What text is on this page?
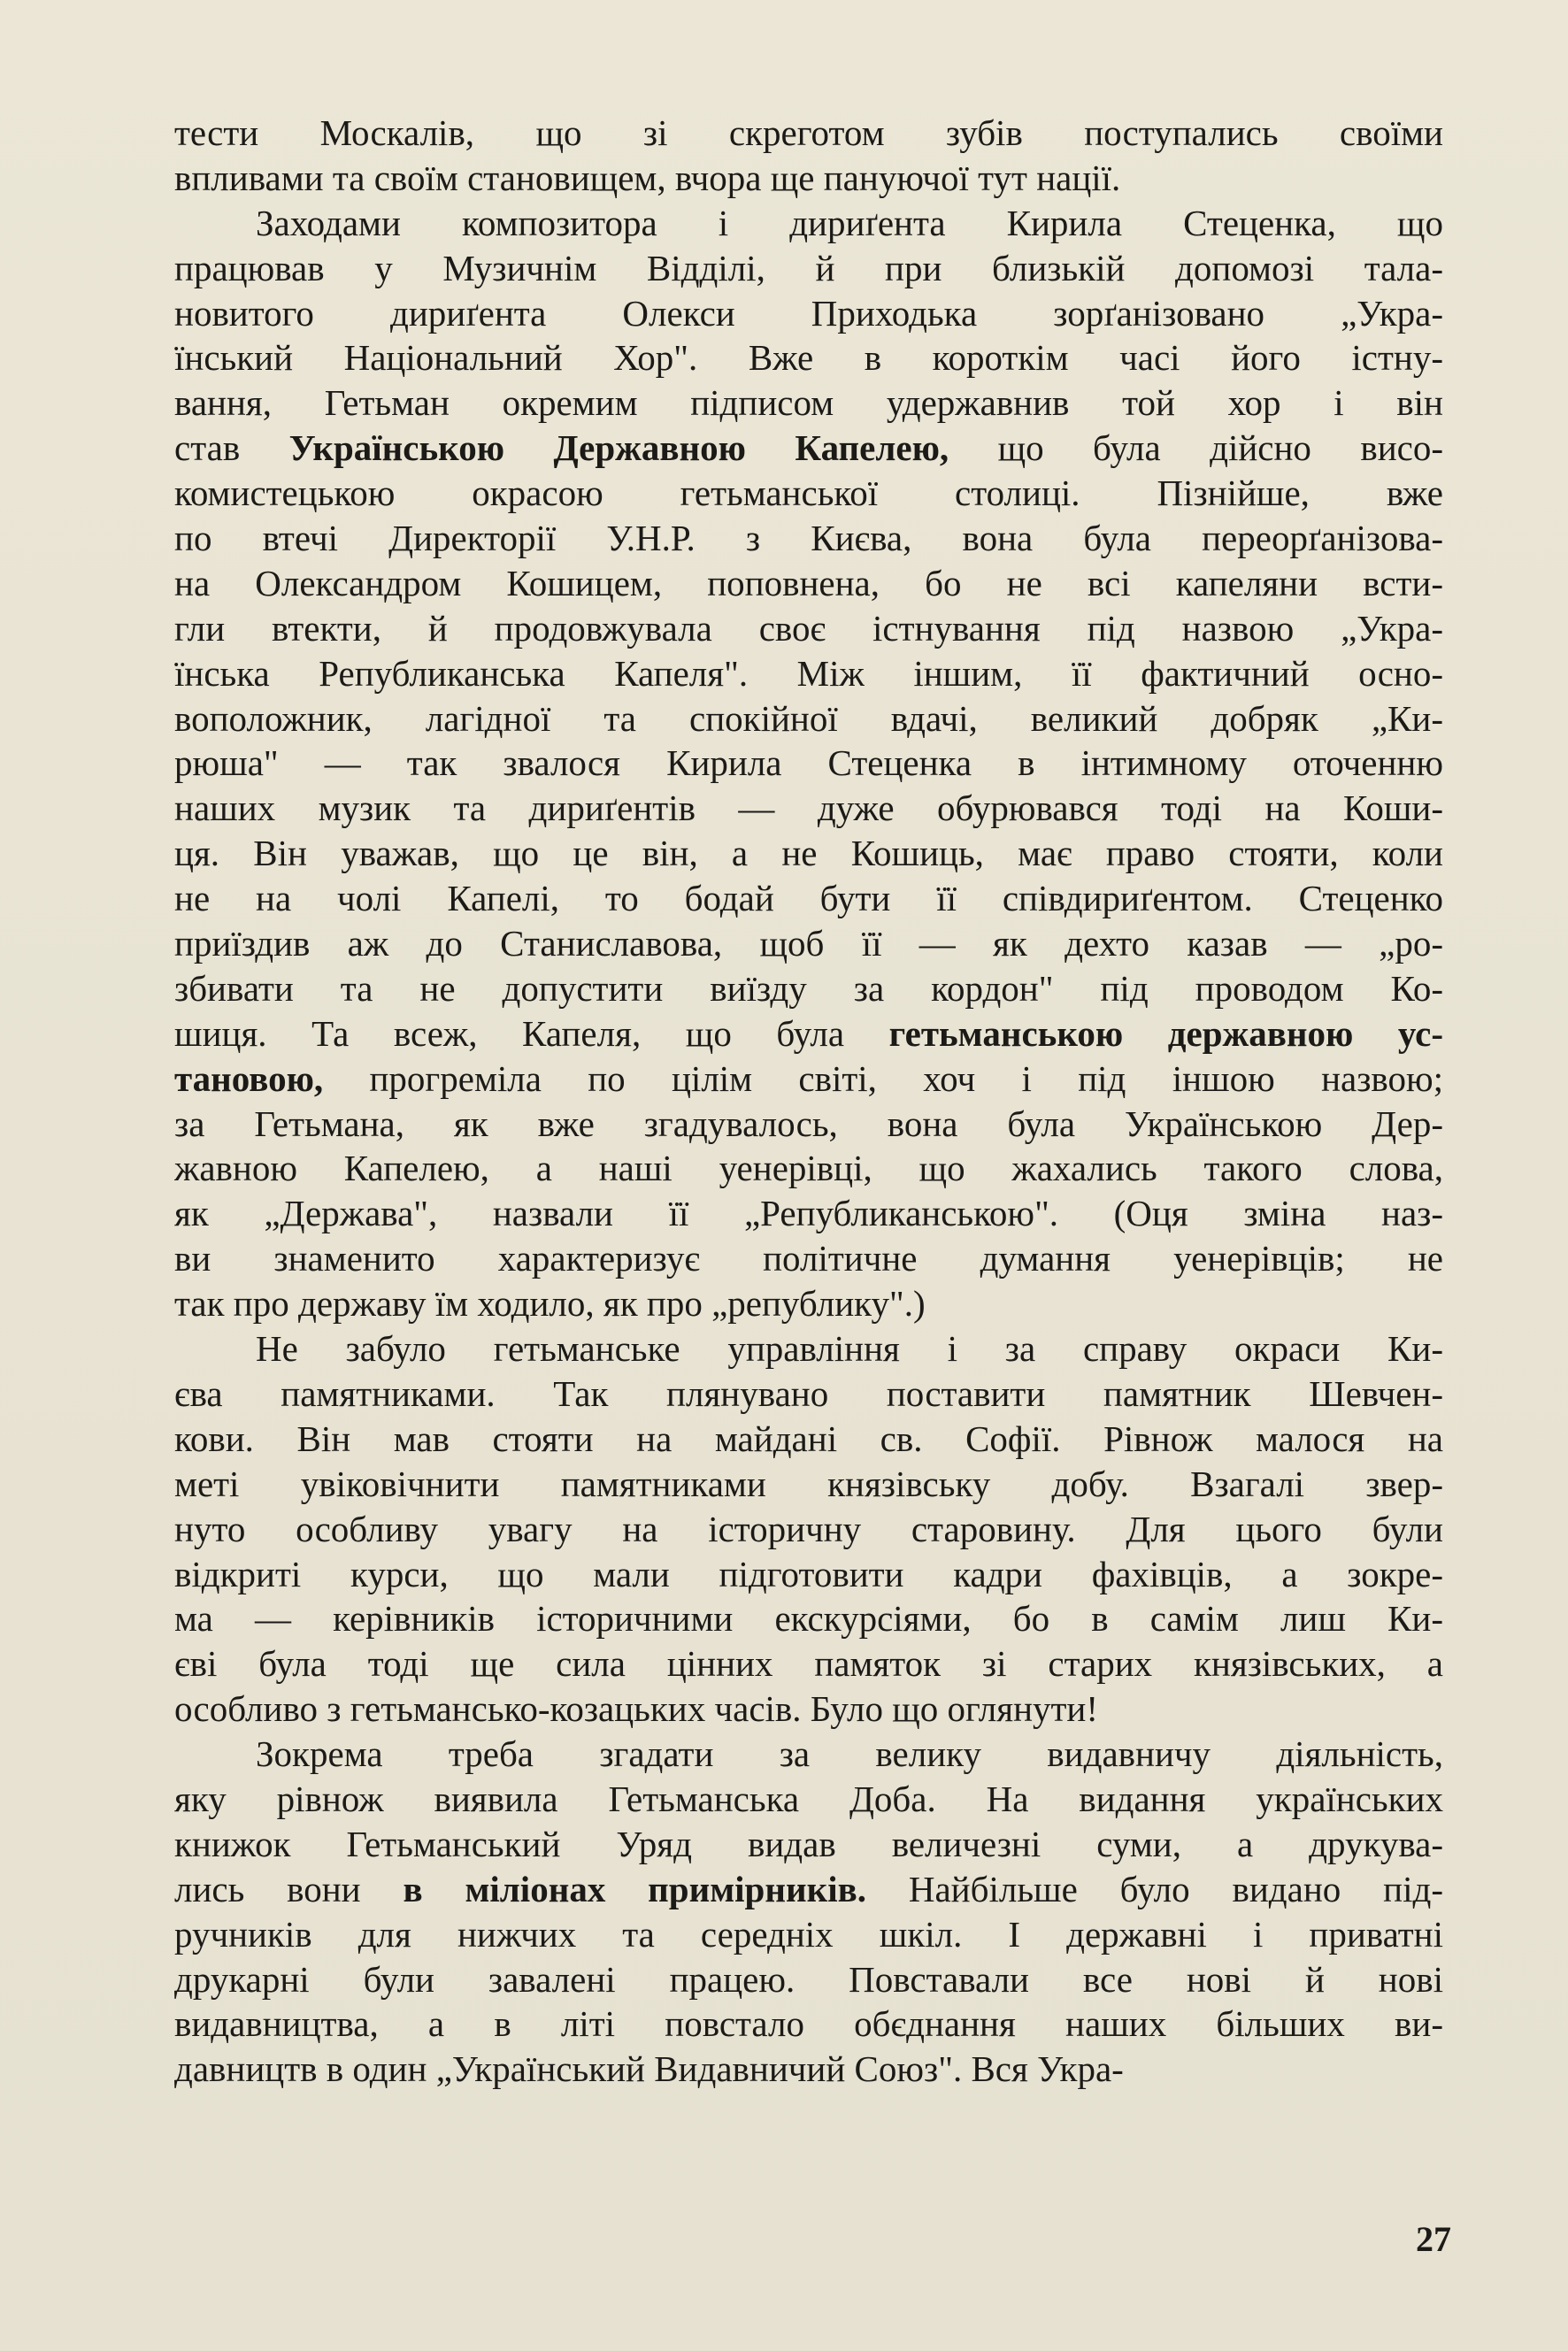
тести Москалів, що зі скреготом зубів поступались своїми
впливами та своїм становищем, вчора ще пануючої тут нації.
Заходами композитора і дириґента Кирила Стеценка, що
працював у Музичнім Відділі, й при близькій допомозі тала-
новитого дириґента Олекси Приходька зорґанізовано „Укра-
їнський Національний Хор". Вже в короткім часі його істну-
вання, Гетьман окремим підписом удержавнив той хор і він
став Українською Державною Капелею, що була дійсно висо-
комистецькою окрасою гетьманської столиці. Пізнійше, вже
по втечі Директорії У.Н.Р. з Києва, вона була переорґанізова-
на Олександром Кошицем, поповнена, бо не всі капеляни всти-
гли втекти, й продовжувала своє істнування під назвою „Укра-
їнська Републиканська Капеля". Між іншим, її фактичний осно-
воположник, лагідної та спокійної вдачі, великий добряк „Ки-
рюша" — так звалося Кирила Стеценка в інтимному оточенню
наших музик та дириґентів — дуже обурювався тоді на Коши-
ця. Він уважав, що це він, а не Кошиць, має право стояти, коли
не на чолі Капелі, то бодай бути її співдириґентом. Стеценко
приїздив аж до Станиславова, щоб її — як дехто казав — „ро-
збивати та не допустити виїзду за кордон" під проводом Ко-
шиця. Та всеж, Капеля, що була гетьманською державною ус-
тановою, прогреміла по цілім світі, хоч і під іншою назвою;
за Гетьмана, як вже згадувалось, вона була Українською Дер-
жавною Капелею, а наші уенерівці, що жахались такого слова,
як „Держава", назвали її „Републиканською". (Оця зміна наз-
ви знаменито характеризує політичне думання уенерівців; не
так про державу їм ходило, як про „републику".)
Не забуло гетьманське управління і за справу окраси Ки-
єва памятниками. Так плянувано поставити памятник Шевчен-
кови. Він мав стояти на майдані св. Софії. Рівнож малося на
меті увіковічнити памятниками князівську добу. Взагалі звер-
нуто особливу увагу на історичну старовину. Для цього були
відкриті курси, що мали підготовити кадри фахівців, а зокре-
ма — керівників історичними екскурсіями, бо в самім лиш Ки-
єві була тоді ще сила цінних памяток зі старих князівських, а
особливо з гетьмансько-козацьких часів. Було що оглянути!
Зокрема треба згадати за велику видавничу діяльність,
яку рівнож виявила Гетьманська Доба. На видання українських
книжок Гетьманський Уряд видав величезні суми, а друкува-
лись вони в міліонах примірників. Найбільше було видано під-
ручників для нижчих та середніх шкіл. І державні і приватні
друкарні були завалені працею. Повставали все нові й нові
видавництва, а в літі повстало обєднання наших більших ви-
давництв в один „Український Видавничий Союз". Вся Укра-
27
